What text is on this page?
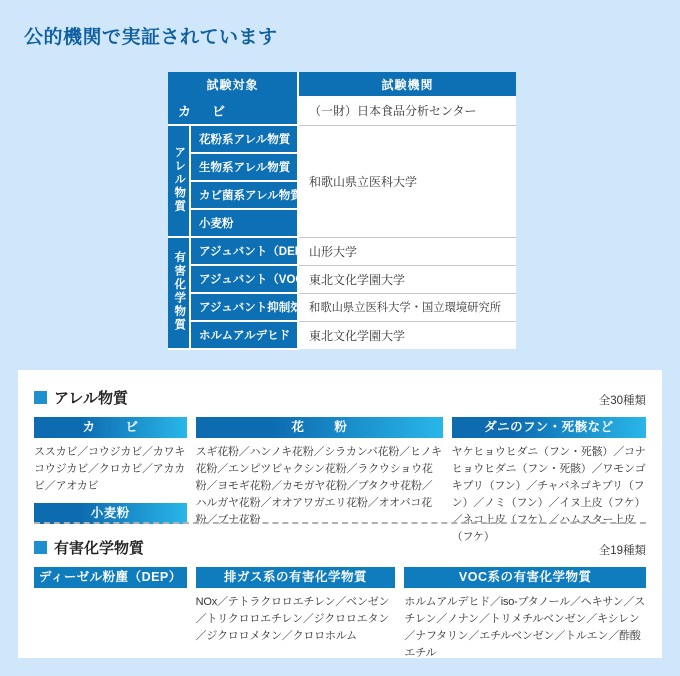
公的機関で実証されています
試験対象		試験機関
カ　ビ		（一財）日本食品分析センター
アレル物質	花粉系アレル物質	和歌山県立医科大学
	生物系アレル物質	
	カビ菌系アレル物質	
	小麦粉	
有害化学物質	アジュバント（DEP）	山形大学
	アジュバント（VOC）	東北文化学園大学
	アジュバント抑制効果	和歌山県立医科大学・国立環境研究所
	ホルムアルデヒド	東北文化学園大学
アレル物質	全30種類
カ　ビ
ススカビ／コウジカビ／カワキコウジカビ／クロカビ／アカカビ／アオカビ
小麦粉
花　粉
スギ花粉／ハンノキ花粉／シラカンバ花粉／ヒノキ花粉／エンピツビャクシン花粉／ラクウショウ花粉／ヨモギ花粉／カモガヤ花粉／ブタクサ花粉／ハルガヤ花粉／オオアワガエリ花粉／オオバコ花粉／ブナ花粉
ダニのフン・死骸など
ヤケヒョウヒダニ（フン・死骸）／コナヒョウヒダニ（フン・死骸）／ワモンゴキブリ（フン）／チャバネゴキブリ（フン）／ノミ（フン）／イヌ上皮（フケ）／ネコ上皮（フケ）／ハムスター上皮（フケ）
有害化学物質	全19種類
ディーゼル粉塵（DEP）	排ガス系の有害化学物質
NOx／テトラクロロエチレン／ベンゼン／トリクロロエチレン／ジクロロエタン／ジクロロメタン／クロロホルム
VOC系の有害化学物質
ホルムアルデヒド／iso-ブタノール／ヘキサン／スチレン／ノナン／トリメチルベンゼン／キシレン／ナフタリン／エチルベンゼン／トルエン／酢酸エチル
